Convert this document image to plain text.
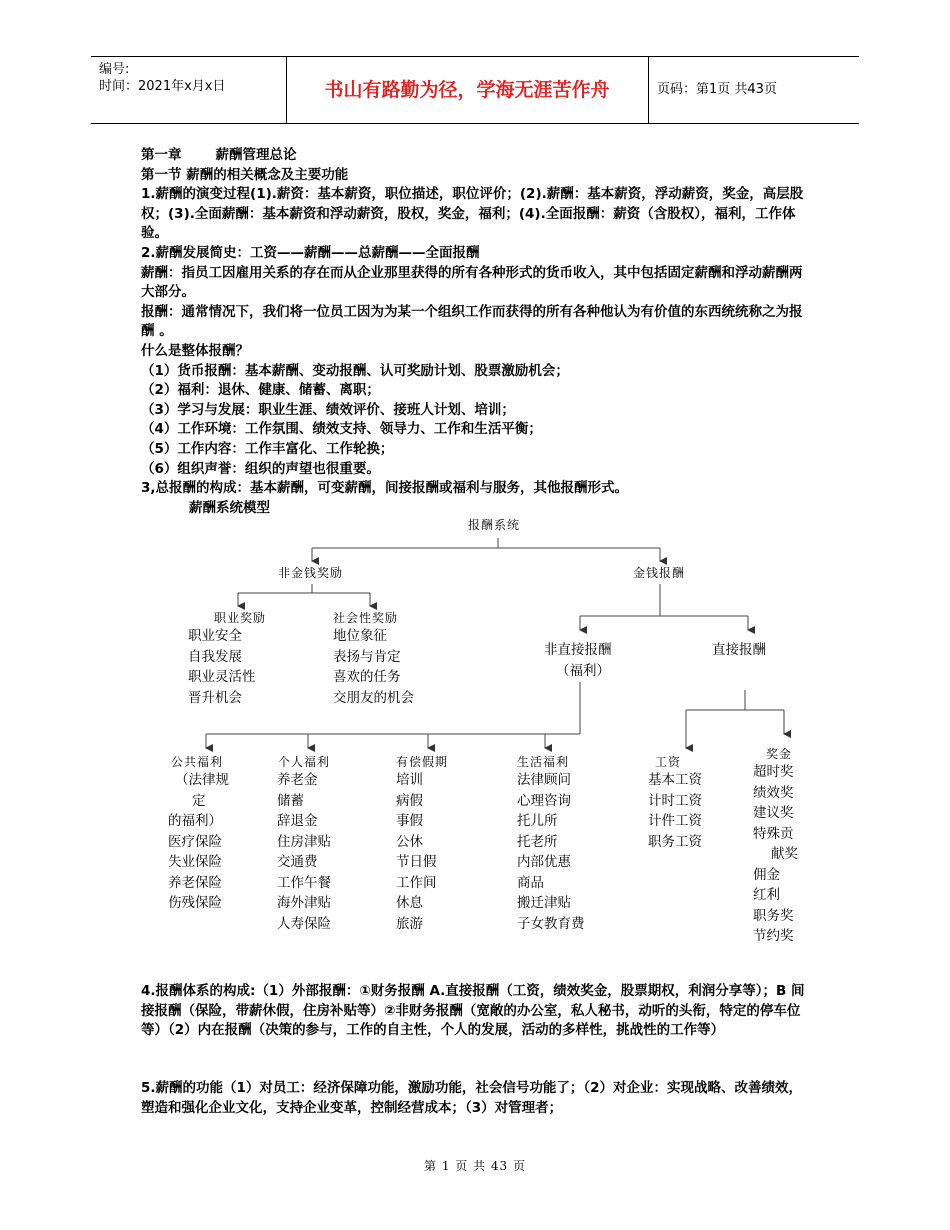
编号:
时间：2021年x月x日	书山有路勤为径，学海无涯苦作舟	页码：第1页 共43页

第一章	薪酬管理总论

第一节 薪酬的相关概念及主要功能

1.薪酬的演变过程(1).薪资：基本薪资，职位描述，职位评价；(2).薪酬：基本薪资，浮动薪资，奖金，高层股权；(3).全面薪酬：基本薪资和浮动薪资，股权，奖金，福利；(4).全面报酬：薪资（含股权），福利，工作体验。

2.薪酬发展简史：工资——薪酬——总薪酬——全面报酬

薪酬：指员工因雇用关系的存在而从企业那里获得的所有各种形式的货币收入，其中包括固定薪酬和浮动薪酬两大部分。

报酬：通常情况下，我们将一位员工因为为某一个组织工作而获得的所有各种他认为有价值的东西统统称之为报酬 。

什么是整体报酬？

（1）货币报酬：基本薪酬、变动报酬、认可奖励计划、股票激励机会；

（2）福利：退休、健康、储蓄、离职；

（3）学习与发展：职业生涯、绩效评价、接班人计划、培训；

（4）工作环境：工作氛围、绩效支持、领导力、工作和生活平衡；

（5）工作内容：工作丰富化、工作轮换；

（6）组织声誉：组织的声望也很重要。

3,总报酬的构成：基本薪酬，可变薪酬，间接报酬或福利与服务，其他报酬形式。

薪酬系统模型

报酬系统
非金钱奖励	金钱报酬
职业奖励	社会性奖励
职业安全
自我发展
职业灵活性
晋升机会
地位象征
表扬与肯定
喜欢的任务
交朋友的机会
非直接报酬
（福利）
直接报酬
公共福利	个人福利	有偿假期	生活福利	工资
奖金
（法律规
定
的福利）
医疗保险
失业保险
养老保险
伤残保险
养老金
储蓄
辞退金
住房津贴
交通费
工作午餐
海外津贴
人寿保险
培训
病假
事假
公休
节日假
工作间
休息
旅游
法律顾问
心理咨询
托儿所
托老所
内部优惠
商品
搬迁津贴
子女教育费
基本工资
计时工资
计件工资
职务工资
超时奖
绩效奖
建议奖
特殊贡
献奖
佣金
红利
职务奖
节约奖

4.报酬体系的构成:（1）外部报酬：①财务报酬 A.直接报酬（工资，绩效奖金，股票期权，利润分享等）；B 间接报酬（保险，带薪休假，住房补贴等）②非财务报酬（宽敞的办公室，私人秘书，动听的头衔，特定的停车位等）（2）内在报酬（决策的参与，工作的自主性，个人的发展，活动的多样性，挑战性的工作等）

5.薪酬的功能（1）对员工：经济保障功能，激励功能，社会信号功能了；（2）对企业：实现战略、改善绩效，塑造和强化企业文化，支持企业变革，控制经营成本；（3）对管理者；

第 1 页 共 43 页
